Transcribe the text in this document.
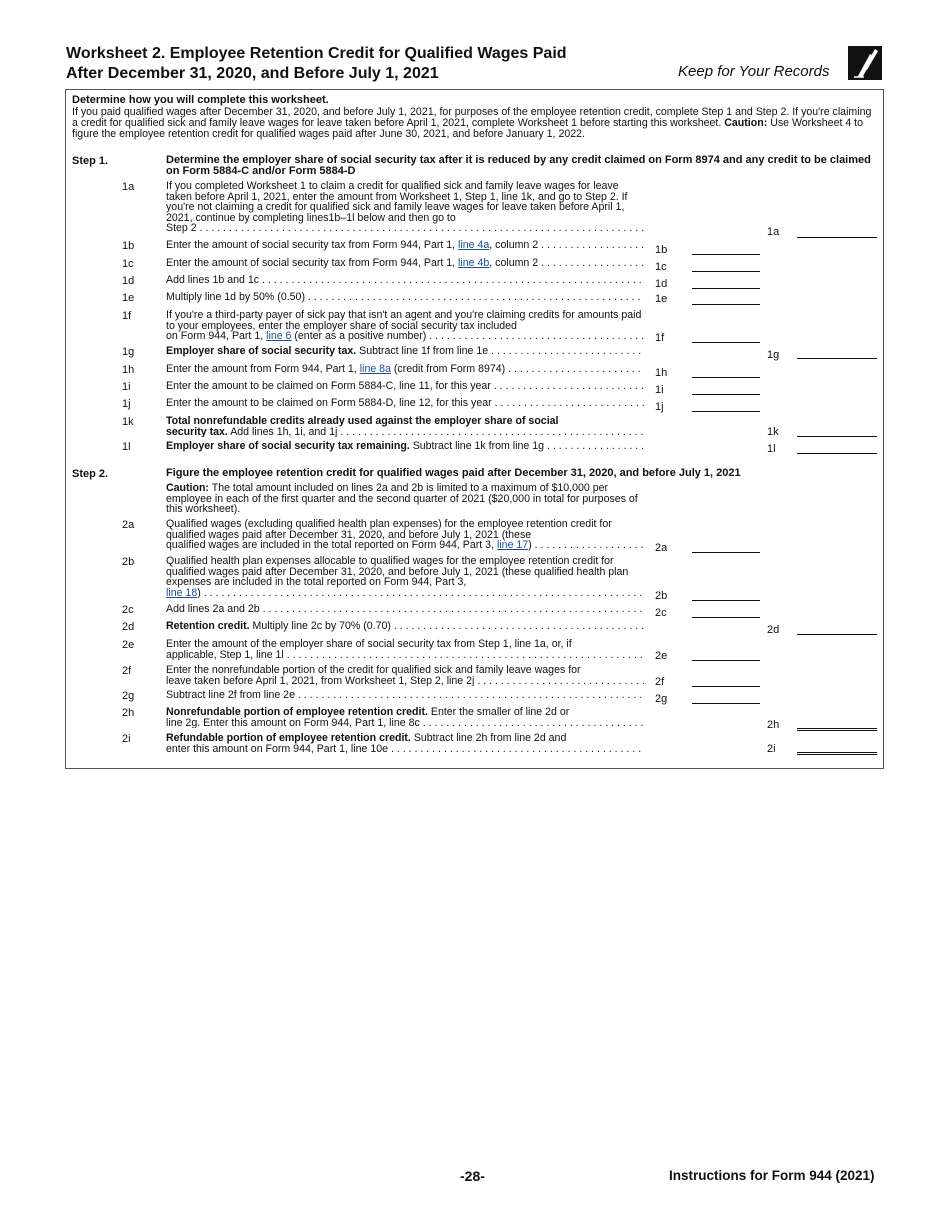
Worksheet 2. Employee Retention Credit for Qualified Wages Paid
After December 31, 2020, and Before July 1, 2021	Keep for Your Records
Determine how you will complete this worksheet.
If you paid qualified wages after December 31, 2020, and before July 1, 2021, for purposes of the employee retention credit, complete Step 1 and Step 2. If you're claiming a credit for qualified sick and family leave wages for leave taken before April 1, 2021, complete Worksheet 1 before starting this worksheet. Caution: Use Worksheet 4 to figure the employee retention credit for qualified wages paid after June 30, 2021, and before January 1, 2022.
Step 1.	Determine the employer share of social security tax after it is reduced by any credit claimed on Form 8974 and any credit to be claimed on Form 5884-C and/or Form 5884-D
1a	If you completed Worksheet 1 to claim a credit for qualified sick and family leave wages for leave taken before April 1, 2021, enter the amount from Worksheet 1, Step 1, line 1k, and go to Step 2. If you're not claiming a credit for qualified sick and family leave wages for leave taken before April 1, 2021, continue by completing lines1b–1l below and then go to
Step 2 . . .	1a
1b	Enter the amount of social security tax from Form 944, Part 1, line 4a, column 2 . . .	1b
1c	Enter the amount of social security tax from Form 944, Part 1, line 4b, column 2 . . .	1c
1d	Add lines 1b and 1c . . .	1d
1e	Multiply line 1d by 50% (0.50) . . .	1e
1f	If you're a third-party payer of sick pay that isn't an agent and you're claiming credits for amounts paid to your employees, enter the employer share of social security tax included
on Form 944, Part 1, line 6 (enter as a positive number) . . .	1f
1g	Employer share of social security tax. Subtract line 1f from line 1e . . .	1g
1h	Enter the amount from Form 944, Part 1, line 8a (credit from Form 8974) . . .	1h
1i	Enter the amount to be claimed on Form 5884-C, line 11, for this year . . .	1i
1j	Enter the amount to be claimed on Form 5884-D, line 12, for this year . . .	1j
1k	Total nonrefundable credits already used against the employer share of social
security tax. Add lines 1h, 1i, and 1j . . .	1k
1l	Employer share of social security tax remaining. Subtract line 1k from line 1g . . .	1l
Step 2.	Figure the employee retention credit for qualified wages paid after December 31, 2020, and before July 1, 2021
Caution: The total amount included on lines 2a and 2b is limited to a maximum of $10,000 per employee in each of the first quarter and the second quarter of 2021 ($20,000 in total for purposes of this worksheet).
2a	Qualified wages (excluding qualified health plan expenses) for the employee retention credit for qualified wages paid after December 31, 2020, and before July 1, 2021 (these
qualified wages are included in the total reported on Form 944, Part 3, line 17) . . .	2a
2b	Qualified health plan expenses allocable to qualified wages for the employee retention credit for qualified wages paid after December 31, 2020, and before July 1, 2021 (these qualified health plan expenses are included in the total reported on Form 944, Part 3,
line 18) . . .	2b
2c	Add lines 2a and 2b . . .	2c
2d	Retention credit. Multiply line 2c by 70% (0.70) . . .	2d
2e	Enter the amount of the employer share of social security tax from Step 1, line 1a, or, if
applicable, Step 1, line 1l . . .	2e
2f	Enter the nonrefundable portion of the credit for qualified sick and family leave wages for
leave taken before April 1, 2021, from Worksheet 1, Step 2, line 2j . . .	2f
2g	Subtract line 2f from line 2e . . .	2g
2h	Nonrefundable portion of employee retention credit. Enter the smaller of line 2d or
line 2g. Enter this amount on Form 944, Part 1, line 8c . . .	2h
2i	Refundable portion of employee retention credit. Subtract line 2h from line 2d and
enter this amount on Form 944, Part 1, line 10e . . .	2i
-28-	Instructions for Form 944 (2021)
